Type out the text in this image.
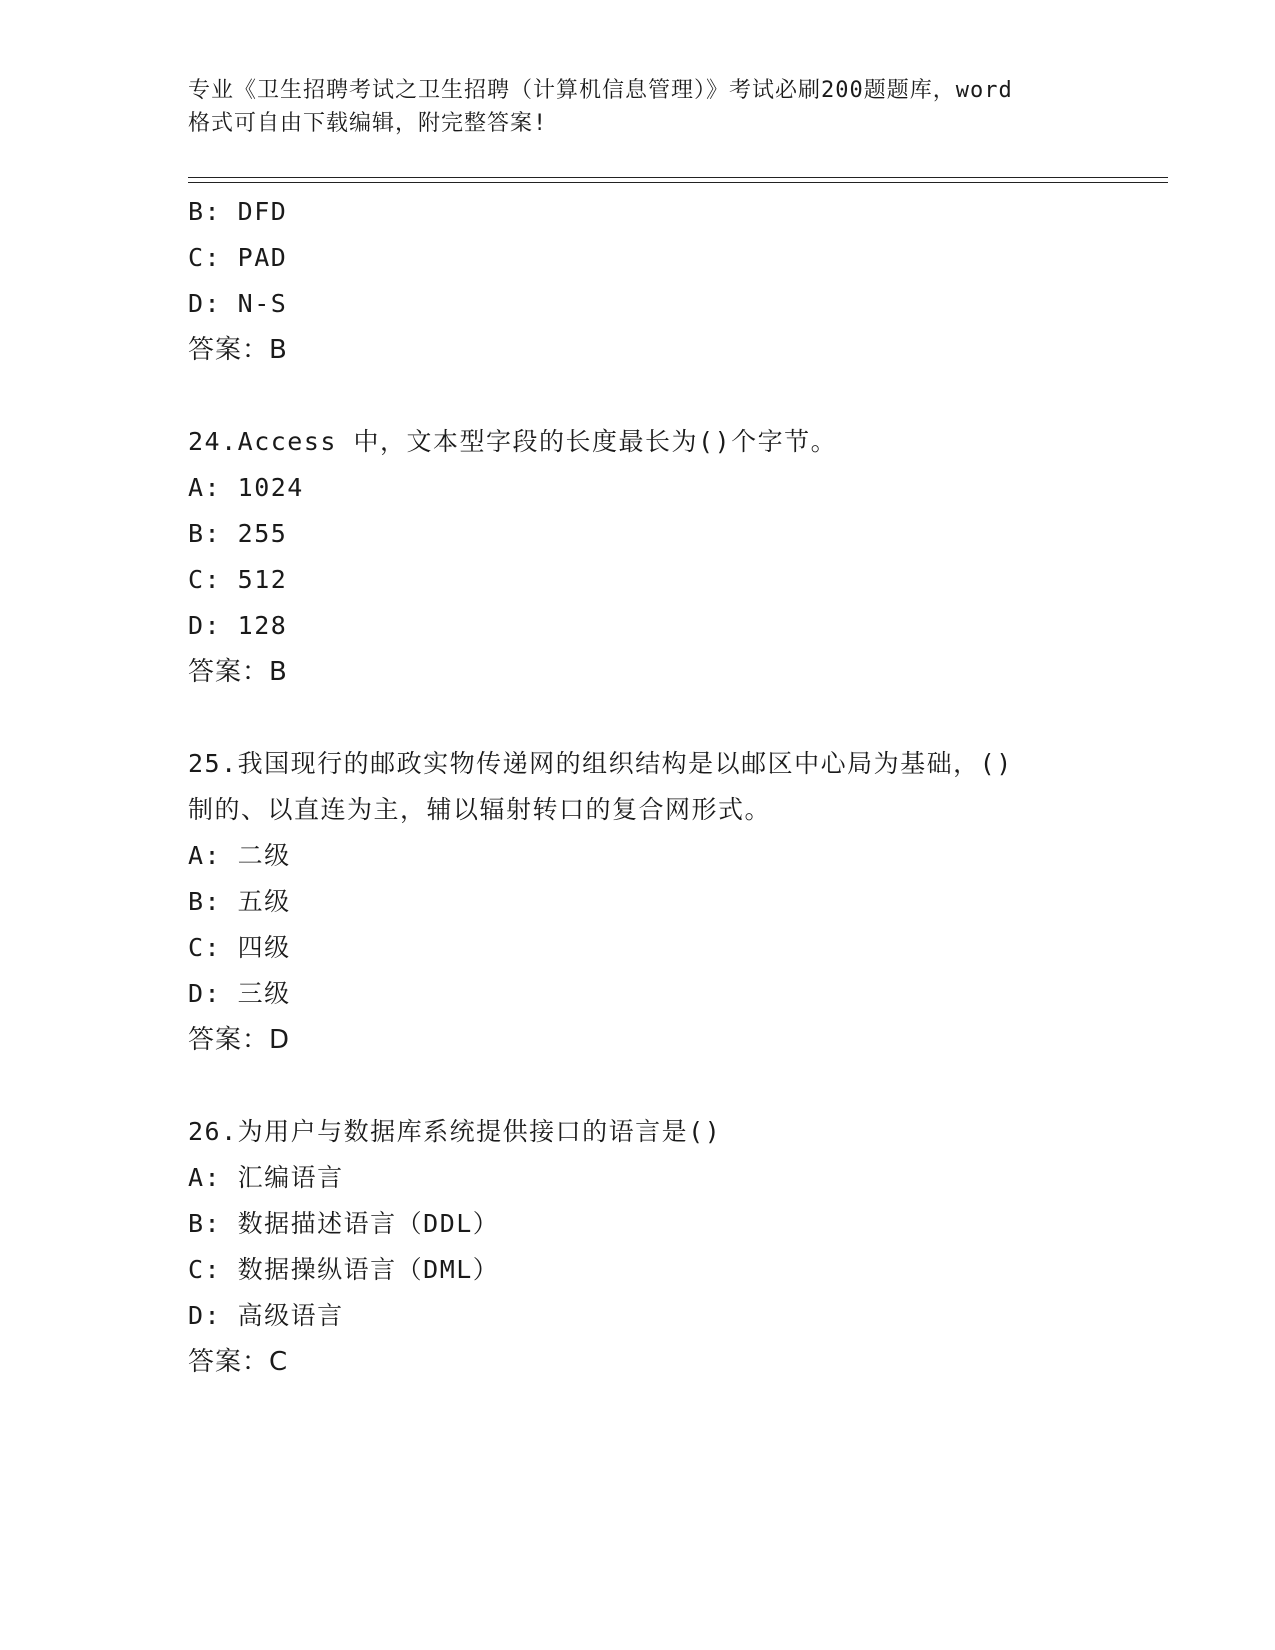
专业《卫生招聘考试之卫生招聘（计算机信息管理）》考试必刷200题题库，word
格式可自由下载编辑，附完整答案!
B: DFD
C: PAD
D: N-S
答案：B
24.Access 中，文本型字段的长度最长为()个字节。
A: 1024
B: 255
C: 512
D: 128
答案：B
25.我国现行的邮政实物传递网的组织结构是以邮区中心局为基础，()
制的、以直连为主，辅以辐射转口的复合网形式。
A: 二级
B: 五级
C: 四级
D: 三级
答案：D
26.为用户与数据库系统提供接口的语言是()
A: 汇编语言
B: 数据描述语言（DDL）
C: 数据操纵语言（DML）
D: 高级语言
答案：C
